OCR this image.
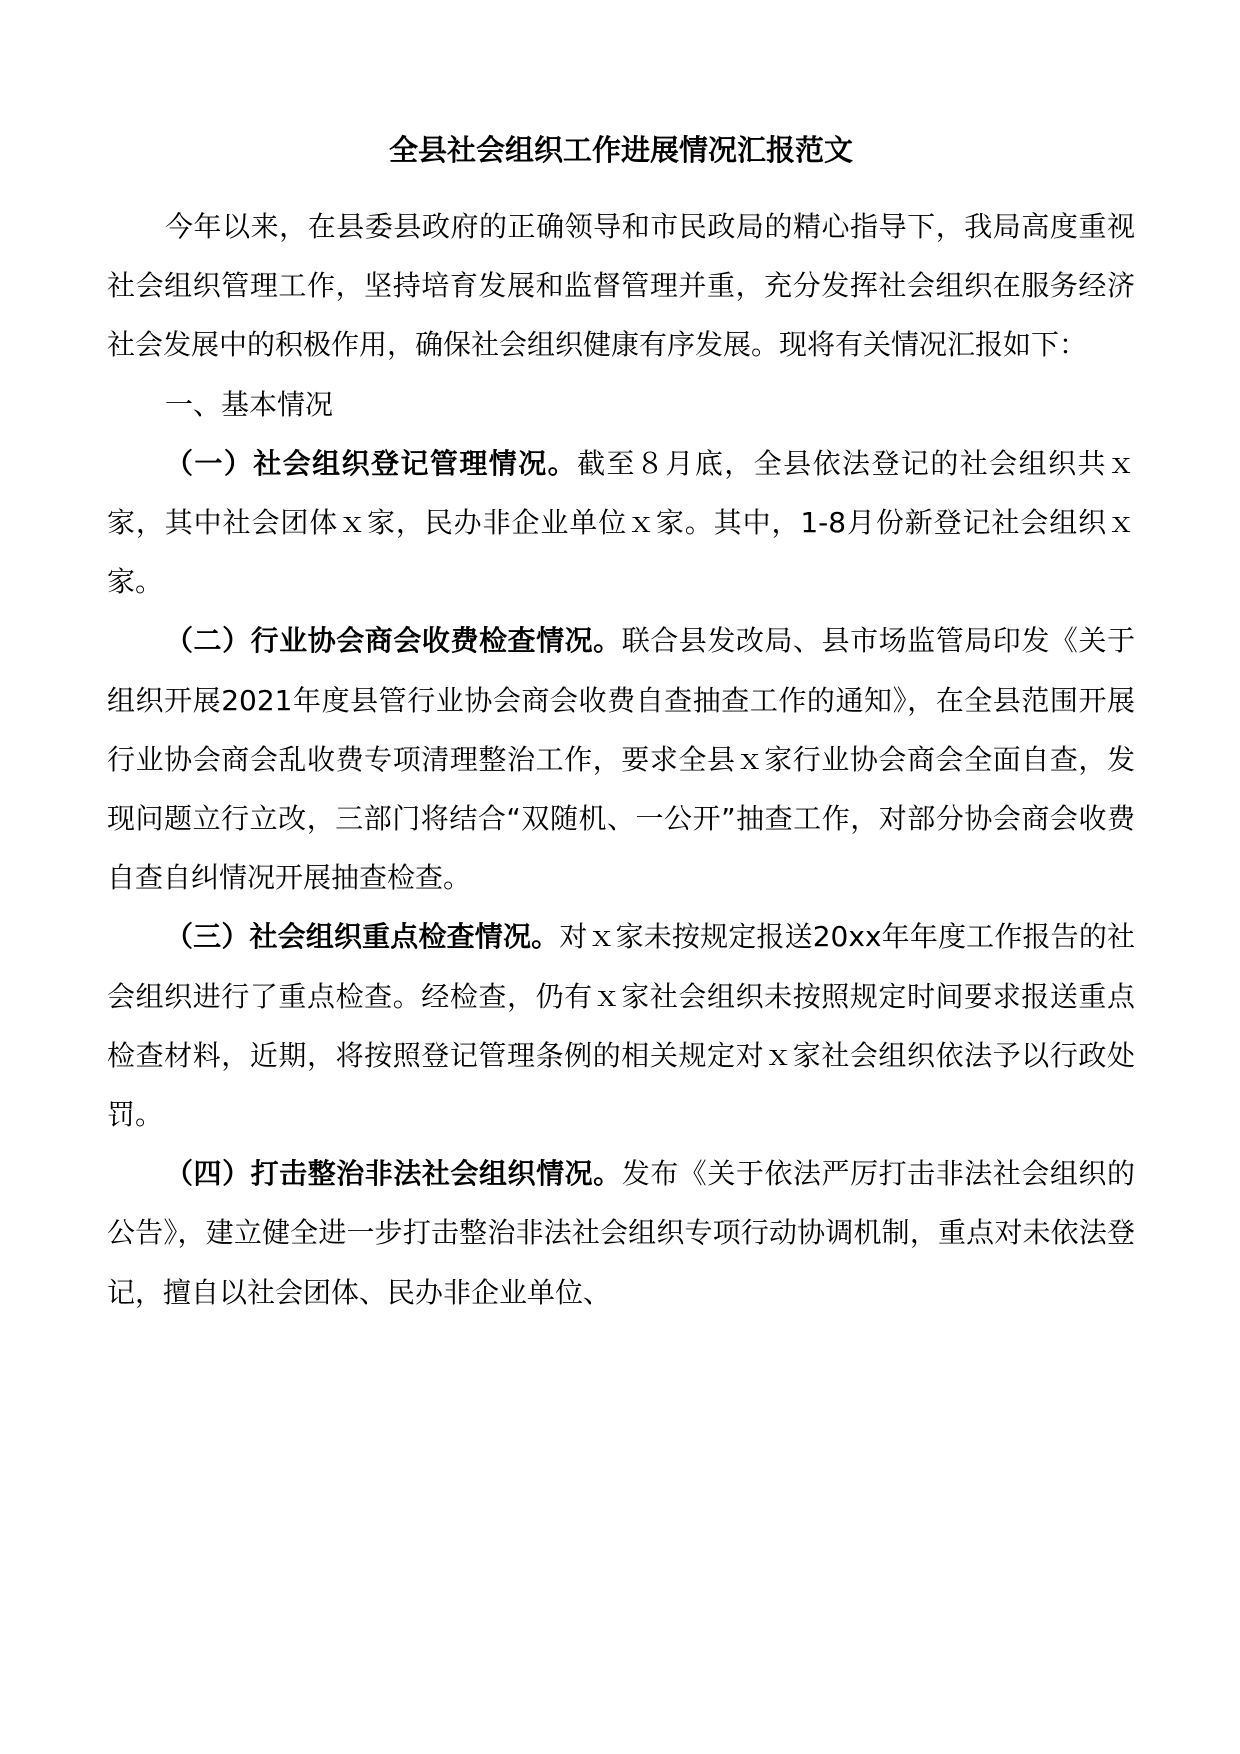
全县社会组织工作进展情况汇报范文

今年以来，在县委县政府的正确领导和市民政局的精心指导下，我局高度重视社会组织管理工作，坚持培育发展和监督管理并重，充分发挥社会组织在服务经济社会发展中的积极作用，确保社会组织健康有序发展。现将有关情况汇报如下：

一、基本情况

（一）社会组织登记管理情况。截至８月底，全县依法登记的社会组织共ｘ家，其中社会团体ｘ家，民办非企业单位ｘ家。其中，1-8月份新登记社会组织ｘ家。

（二）行业协会商会收费检查情况。联合县发改局、县市场监管局印发《关于组织开展2021年度县管行业协会商会收费自查抽查工作的通知》，在全县范围开展行业协会商会乱收费专项清理整治工作，要求全县ｘ家行业协会商会全面自查，发现问题立行立改，三部门将结合“双随机、一公开”抽查工作，对部分协会商会收费自查自纠情况开展抽查检查。

（三）社会组织重点检查情况。对ｘ家未按规定报送20xx年年度工作报告的社会组织进行了重点检查。经检查，仍有ｘ家社会组织未按照规定时间要求报送重点检查材料，近期，将按照登记管理条例的相关规定对ｘ家社会组织依法予以行政处罚。

（四）打击整治非法社会组织情况。发布《关于依法严厉打击非法社会组织的公告》，建立健全进一步打击整治非法社会组织专项行动协调机制，重点对未依法登记，擅自以社会团体、民办非企业单位、
